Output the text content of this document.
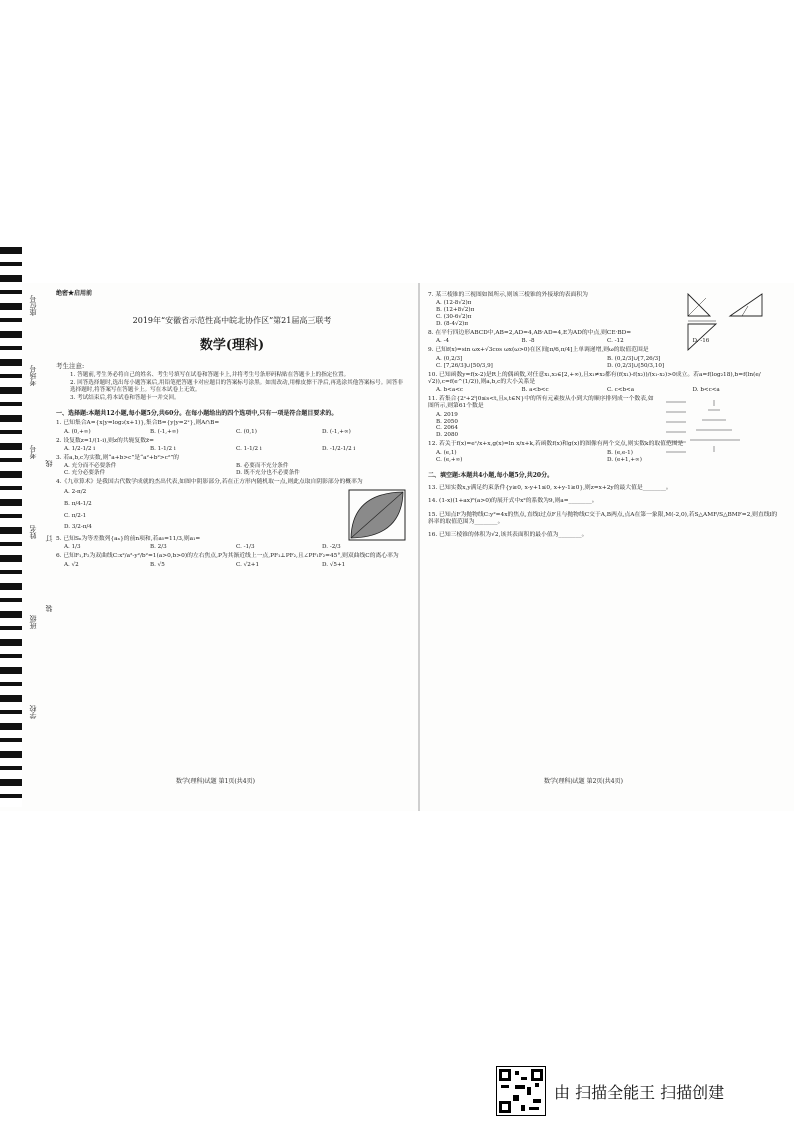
座位号
考场号
考号
姓名
班级
学校
线
订
装
绝密★启用前
2019年“安徽省示范性高中皖北协作区”第21届高三联考
数学(理科)
考生注意:
1. 答题前,考生务必将自己的姓名、考生号填写在试卷和答题卡上,并将考生号条形码粘贴在答题卡上的指定位置。
2. 回答选择题时,选出每小题答案后,用铅笔把答题卡对应题目的答案标号涂黑。如需改动,用橡皮擦干净后,再选涂其他答案标号。回答非选择题时,将答案写在答题卡上。写在本试卷上无效。
3. 考试结束后,将本试卷和答题卡一并交回。
一、选择题:本题共12小题,每小题5分,共60分。在每小题给出的四个选项中,只有一项是符合题目要求的。
1. 已知集合A={x|y=log₂(x+1)},集合B={y|y=2ˣ},则A∩B=
A. (0,+∞)	B. (-1,+∞)	C. (0,1)	D. (-1,+∞)
2. 设复数z=1/(1-i),则z的共轭复数z̄=
A. 1/2-1/2 i	B. 1-1/2 i	C. 1-1/2 i	D. -1/2-1/2 i
3. 若a,b,c为实数,则“a+b>c”是“a²+b²>c²”的
A. 充分而不必要条件	B. 必要而不充分条件
C. 充分必要条件	D. 既不充分也不必要条件
4.《九章算术》是我国古代数学成就的杰出代表,如图中阴影部分,若在正方形内随机取一点,则此点取自阴影部分的概率为
A. 2-π/2
B. π/4-1/2
C. π/2-1
D. 3/2-π/4
5. 已知Sₙ为等差数列{aₙ}的前n项和,若a₅=11/3,则a₁=
A. 1/3	B. 2/3	C. -1/3	D. -2/3
6. 已知F₁,F₂为双曲线C:x²/a²-y²/b²=1(a>0,b>0)的左右焦点,P为其渐近线上一点,PF₁⊥PF₂,且∠PF₁F₂=45°,则双曲线C的离心率为
A. √2	B. √5	C. √2+1	D. √5+1
数学(理科)试题 第1页(共4页)
7. 某三棱锥的三视图如图所示,则该三棱锥的外接球的表面积为
A. (12-8√2)π
B. (12+8√2)π
C. (30-6√2)π
D. (8-4√2)π
8. 在平行四边形ABCD中,AB=2,AD=4,AB·AD=4,E为AD的中点,则CE·BD=
A. -4	B. -8	C. -12	D. -16
9. 已知f(x)=sin ωx+√3cos ωx(ω>0)在区间[π/6,π/4]上单调递增,则ω的取值范围是
A. (0,2/3]	B. (0,2/3]∪[7,26/3]
C. [7,26/3]∪[50/3,9]	D. (0,2/3]∪[50/3,10]
10. 已知函数y=f(x-2)是R上的偶函数,对任意x₁,x₂∈[2,+∞),且x₁≠x₂都有(f(x₁)-f(x₂))/(x₁-x₂)>0成立。若a=f(log₂18),b=f(ln(e/√2)),c=f(e^(1/2)),则a,b,c的大小关系是
A. b<a<c	B. a<b<c	C. c<b<a	D. b<c<a
11. 若集合{2ˢ+2ᵗ|0≤s<t,且s,t∈N}中的所有元素按从小到大的顺序排列成一个数表,如图所示,则第61个数是
A. 2019
B. 2050
C. 2064
D. 2080
12. 若关于f(x)=eˣ/x+x,g(x)=ln x/x+k,若函数f(x)和g(x)的图像有两个交点,则实数k的取值范围是
A. (e,1)	B. (e,e-1)
C. (e,+∞)	D. (e+1,+∞)
二、填空题:本题共4小题,每小题5分,共20分。
13. 已知实数x,y满足约束条件{y≥0, x-y+1≤0, x+y-1≥0},则z=x+2y的最大值是________。
14. (1-x)(1+ax)⁶(a>0)的展开式中x²的系数为9,则a=________。
15. 已知点F为抛物线C:y²=4x的焦点,直线l过点F且与抛物线C交于A,B两点,点A在第一象限,M(-2,0),若S△AMF/S△BMF=2,则直线l的斜率的取值范围为________。
16. 已知三棱锥的体积为√2,该其表面积的最小值为________。
数学(理科)试题 第2页(共4页)
由 扫描全能王 扫描创建
